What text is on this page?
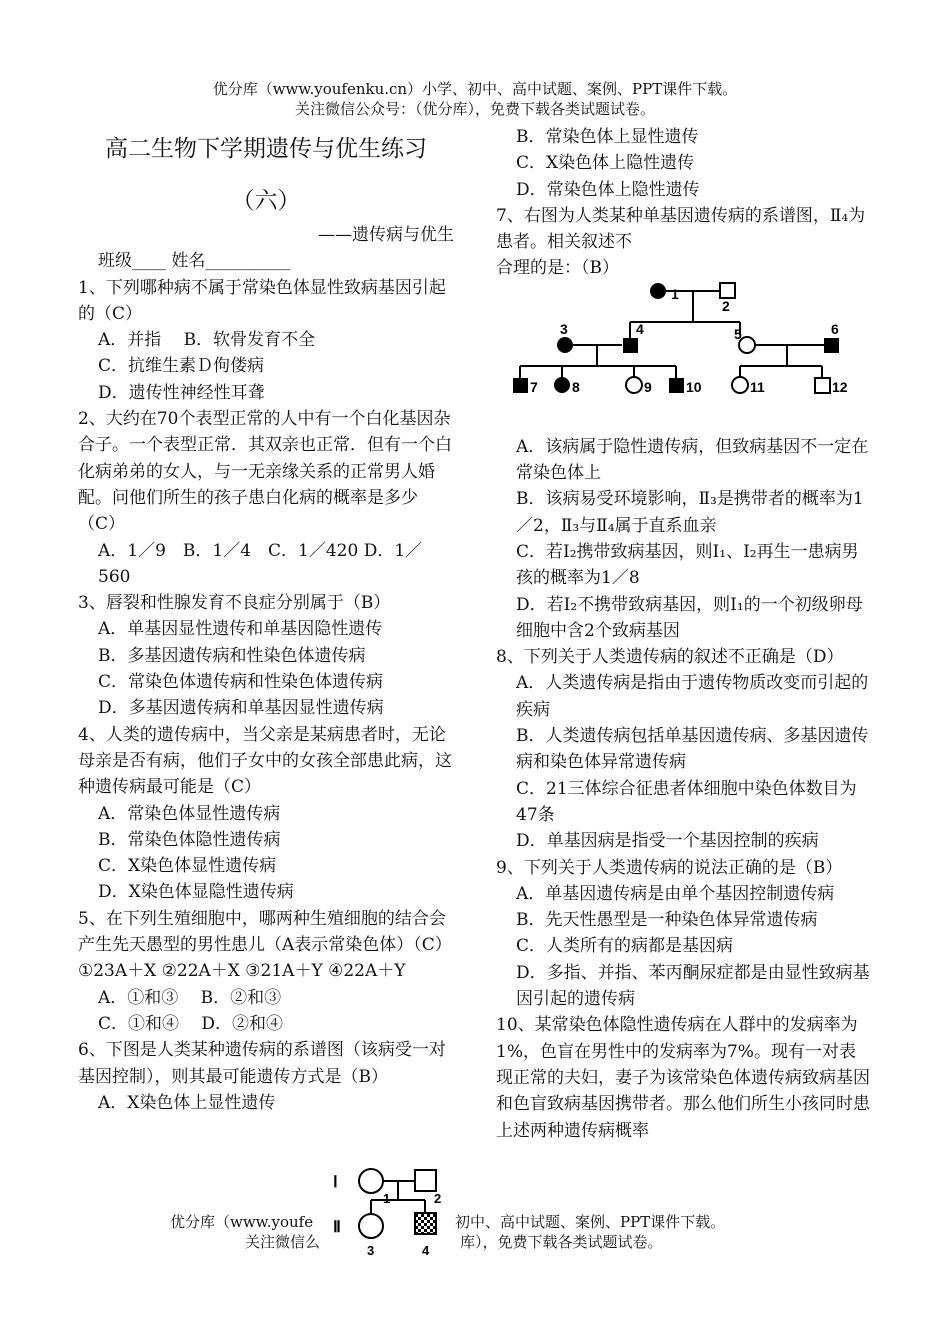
优分库（www.youfenku.cn）小学、初中、高中试题、案例、PPT课件下载。
关注微信公众号：（优分库），免费下载各类试题试卷。

高二生物下学期遗传与优生练习

（六）

——遗传病与优生

班级____ 姓名__________

1、下列哪种病不属于常染色体显性致病基因引起的（C）

A．并指　 B．软骨发育不全

C．抗维生素Ｄ佝偻病

D．遗传性神经性耳聋

2、大约在70个表型正常的人中有一个白化基因杂合子。一个表型正常．其双亲也正常．但有一个白化病弟弟的女人，与一无亲缘关系的正常男人婚配。问他们所生的孩子患白化病的概率是多少（C）

A．1／9　B．1／4　C．1／420 D．1／560

3、唇裂和性腺发育不良症分别属于（B）

A．单基因显性遗传和单基因隐性遗传

B．多基因遗传病和性染色体遗传病

C．常染色体遗传病和性染色体遗传病

D．多基因遗传病和单基因显性遗传病

4、人类的遗传病中，当父亲是某病患者时，无论母亲是否有病，他们子女中的女孩全部患此病，这种遗传病最可能是（C）

A．常染色体显性遗传病

B．常染色体隐性遗传病

C．X染色体显性遗传病

D．X染色体显隐性遗传病

5、在下列生殖细胞中，哪两种生殖细胞的结合会产生先天愚型的男性患儿（A表示常染色体）（C）

①23A＋X ②22A＋X ③21A＋Y ④22A＋Y

A．①和③　 B．②和③

C．①和④　 D．②和④

6、下图是人类某种遗传病的系谱图（该病受一对基因控制），则其最可能遗传方式是（B）

A．X染色体上显性遗传

B．常染色体上显性遗传

C．X染色体上隐性遗传

D．常染色体上隐性遗传

7、右图为人类某种单基因遗传病的系谱图，Ⅱ₄为患者。相关叙述不

合理的是：（B）

A．该病属于隐性遗传病，但致病基因不一定在常染色体上

B．该病易受环境影响，Ⅱ₃是携带者的概率为1／2，Ⅱ₃与Ⅱ₄属于直系血亲

C．若Ⅰ₂携带致病基因，则Ⅰ₁、Ⅰ₂再生一患病男孩的概率为1／8

D．若Ⅰ₂不携带致病基因，则Ⅰ₁的一个初级卵母细胞中含2个致病基因

8、下列关于人类遗传病的叙述不正确是（D）

A．人类遗传病是指由于遗传物质改变而引起的疾病

B．人类遗传病包括单基因遗传病、多基因遗传病和染色体异常遗传病

C．21三体综合征患者体细胞中染色体数目为47条

D．单基因病是指受一个基因控制的疾病

9、下列关于人类遗传病的说法正确的是（B）

A．单基因遗传病是由单个基因控制遗传病

B．先天性愚型是一种染色体异常遗传病

C．人类所有的病都是基因病

D．多指、并指、苯丙酮尿症都是由显性致病基因引起的遗传病

10、某常染色体隐性遗传病在人群中的发病率为1%，色盲在男性中的发病率为7%。现有一对表现正常的夫妇，妻子为该常染色体遗传病致病基因和色盲致病基因携带者。那么他们所生小孩同时患上述两种遗传病概率

1
2
3	4	5	6
7 8	9 10	11	12
Ⅰ
Ⅱ
1	2
3	4
优分库（www.youfe	初中、高中试题、案例、PPT课件下载。
关注微信么	库），免费下载各类试题试卷。
